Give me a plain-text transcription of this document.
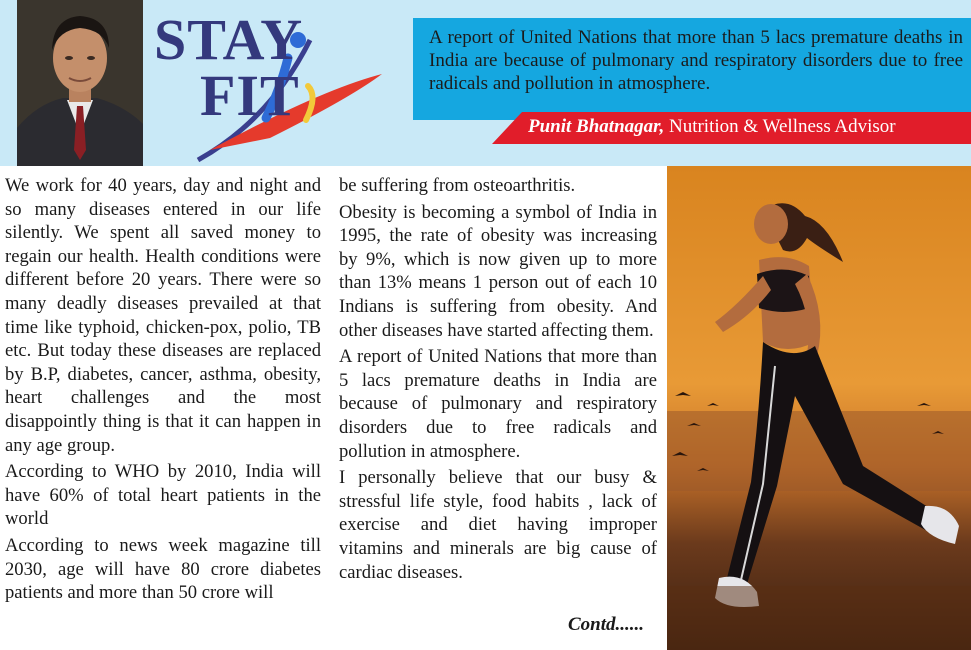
STAY
FIT
A report of United Nations that more than 5 lacs premature deaths in India are because of pulmonary and respiratory disorders due to free radicals and pollution in atmosphere.
Punit Bhatnagar, Nutrition & Wellness Advisor

We work for 40 years, day and night and so many diseases entered in our life silently. We spent all saved money to regain our health. Health conditions were different before 20 years. There were so many deadly diseases prevailed at that time like typhoid, chicken-pox, polio, TB etc. But today these diseases are replaced by B.P, diabetes, cancer, asthma, obesity, heart challenges and the most disappointly thing is that it can happen in any age group.

According to WHO by 2010, India will have 60% of total heart patients in the world

According to news week magazine till 2030, age will have 80 crore diabetes patients and more than 50 crore will

be suffering from osteoarthritis.

Obesity is becoming a symbol of India in 1995, the rate of obesity was increasing by 9%, which is now given up to more than 13% means 1 person out of each 10 Indians is suffering from obesity. And other diseases have started affecting them.

A report of United Nations that more than 5 lacs premature deaths in India are because of pulmonary and respiratory disorders due to free radicals and pollution in atmosphere.

I personally believe that our busy & stressful life style, food habits , lack of exercise and diet having improper vitamins and minerals are big cause of cardiac diseases.

Contd......
